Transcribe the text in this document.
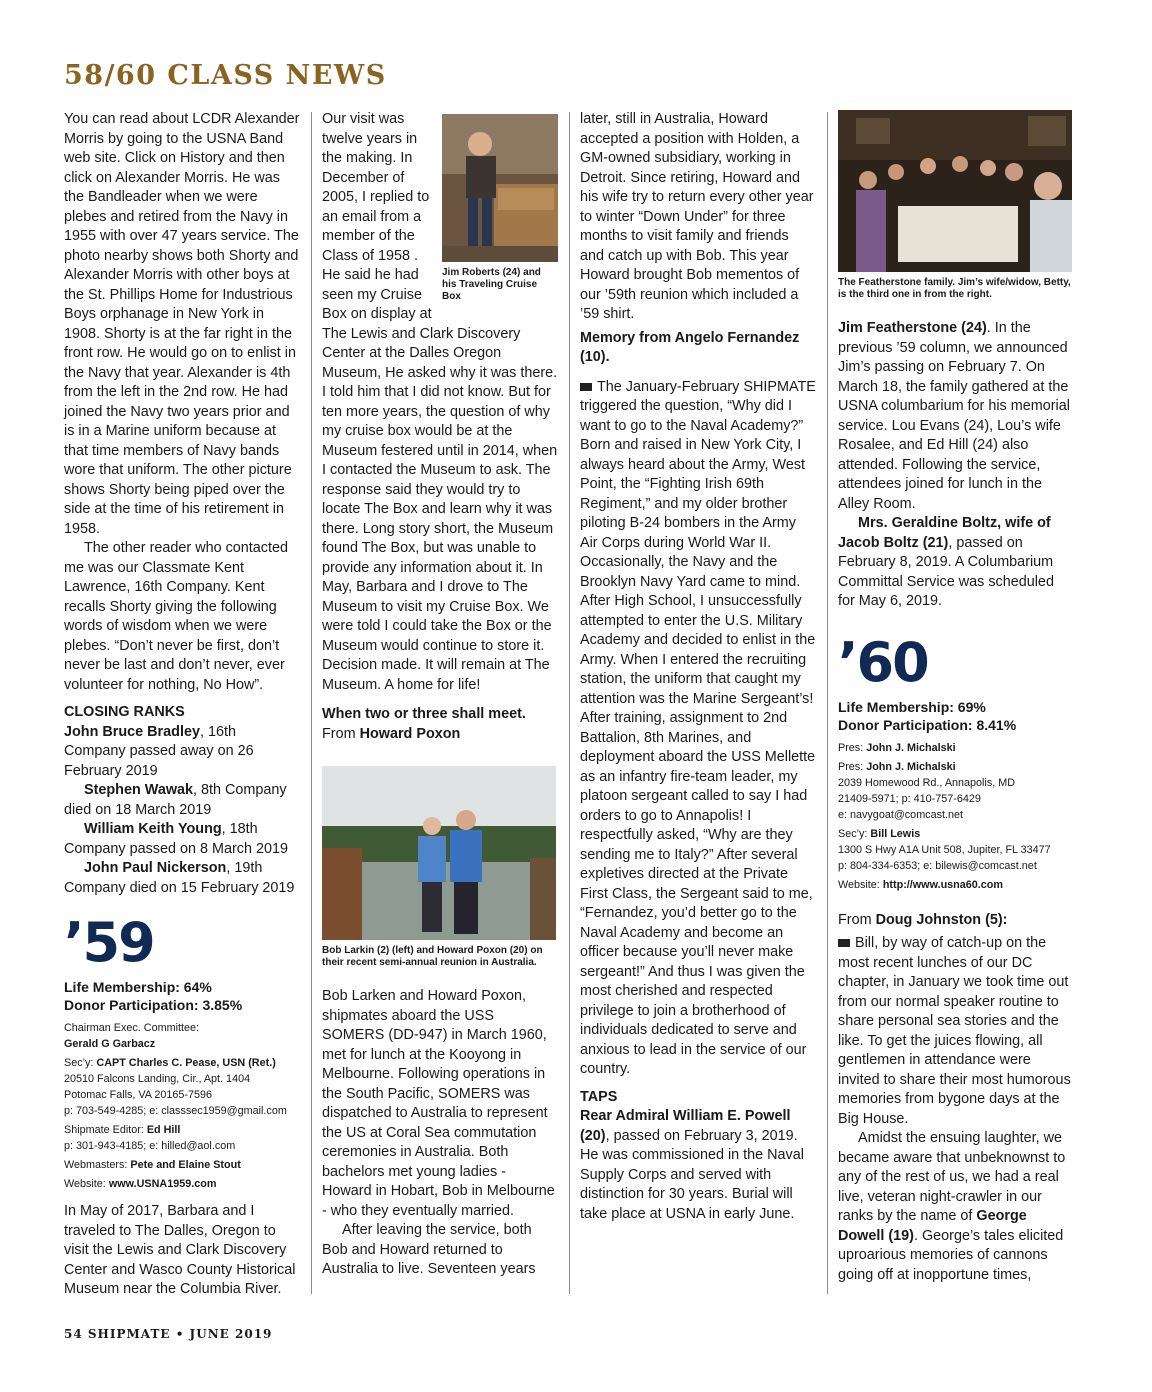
58/60 CLASS NEWS

You can read about LCDR Alexander Morris by going to the USNA Band web site. Click on History and then click on Alexander Morris. He was the Bandleader when we were plebes and retired from the Navy in 1955 with over 47 years service. The photo nearby shows both Shorty and Alexander Morris with other boys at the St. Phillips Home for Industrious Boys orphanage in New York in 1908. Shorty is at the far right in the front row. He would go on to enlist in the Navy that year. Alexander is 4th from the left in the 2nd row. He had joined the Navy two years prior and is in a Marine uniform because at that time members of Navy bands wore that uniform. The other picture shows Shorty being piped over the side at the time of his retirement in 1958.

The other reader who contacted me was our Classmate Kent Lawrence, 16th Company. Kent recalls Shorty giving the following words of wisdom when we were plebes. “Don’t never be first, don’t never be last and don’t never, ever volunteer for nothing, No How”.

CLOSING RANKS

John Bruce Bradley, 16th Company passed away on 26 February 2019

Stephen Wawak, 8th Company died on 18 March 2019

William Keith Young, 18th Company passed on 8 March 2019

John Paul Nickerson, 19th Company died on 15 February 2019

’59

Life Membership: 64%

Donor Participation: 3.85%

Chairman Exec. Committee:
Gerald G Garbacz

Sec’y: CAPT Charles C. Pease, USN (Ret.)
20510 Falcons Landing, Cir., Apt. 1404
Potomac Falls, VA 20165-7596
p: 703-549-4285; e: classsec1959@gmail.com

Shipmate Editor: Ed Hill
p: 301-943-4185; e: hilled@aol.com

Webmasters: Pete and Elaine Stout

Website: www.USNA1959.com

In May of 2017, Barbara and I traveled to The Dalles, Oregon to visit the Lewis and Clark Discovery Center and Wasco County Historical Museum near the Columbia River.

Jim Roberts (24) and his Traveling Cruise Box

Our visit was twelve years in the making. In December of 2005, I replied to an email from a member of the Class of 1958 . He said he had seen my Cruise Box on display at The Lewis and Clark Discovery Center at the Dalles Oregon Museum, He asked why it was there. I told him that I did not know. But for ten more years, the question of why my cruise box would be at the Museum festered until in 2014, when I contacted the Museum to ask. The response said they would try to locate The Box and learn why it was there. Long story short, the Museum found The Box, but was unable to provide any information about it. In May, Barbara and I drove to The Museum to visit my Cruise Box. We were told I could take the Box or the Museum would continue to store it. Decision made. It will remain at The Museum. A home for life!

When two or three shall meet.

From Howard Poxon

Bob Larkin (2) (left) and Howard Poxon (20) on their recent semi-annual reunion in Australia.

Bob Larken and Howard Poxon, shipmates aboard the USS SOMERS (DD-947) in March 1960, met for lunch at the Kooyong in Melbourne. Following operations in the South Pacific, SOMERS was dispatched to Australia to represent the US at Coral Sea commutation ceremonies in Australia. Both bachelors met young ladies - Howard in Hobart, Bob in Melbourne - who they eventually married.

After leaving the service, both Bob and Howard returned to Australia to live. Seventeen years

later, still in Australia, Howard accepted a position with Holden, a GM-owned subsidiary, working in Detroit. Since retiring, Howard and his wife try to return every other year to winter “Down Under” for three months to visit family and friends and catch up with Bob. This year Howard brought Bob mementos of our ’59th reunion which included a ’59 shirt.

Memory from Angelo Fernandez (10).

The January-February SHIPMATE triggered the question, “Why did I want to go to the Naval Academy?” Born and raised in New York City, I always heard about the Army, West Point, the “Fighting Irish 69th Regiment,” and my older brother piloting B-24 bombers in the Army Air Corps during World War II. Occasionally, the Navy and the Brooklyn Navy Yard came to mind. After High School, I unsuccessfully attempted to enter the U.S. Military Academy and decided to enlist in the Army. When I entered the recruiting station, the uniform that caught my attention was the Marine Sergeant’s! After training, assignment to 2nd Battalion, 8th Marines, and deployment aboard the USS Mellette as an infantry fire-team leader, my platoon sergeant called to say I had orders to go to Annapolis! I respectfully asked, “Why are they sending me to Italy?” After several expletives directed at the Private First Class, the Sergeant said to me, “Fernandez, you’d better go to the Naval Academy and become an officer because you’ll never make sergeant!” And thus I was given the most cherished and respected privilege to join a brotherhood of individuals dedicated to serve and anxious to lead in the service of our country.

TAPS

Rear Admiral William E. Powell (20), passed on February 3, 2019. He was commissioned in the Naval Supply Corps and served with distinction for 30 years. Burial will take place at USNA in early June.

The Featherstone family. Jim’s wife/widow, Betty, is the third one in from the right.

Jim Featherstone (24). In the previous ’59 column, we announced Jim’s passing on February 7. On March 18, the family gathered at the USNA columbarium for his memorial service. Lou Evans (24), Lou’s wife Rosalee, and Ed Hill (24) also attended. Following the service, attendees joined for lunch in the Alley Room.

Mrs. Geraldine Boltz, wife of Jacob Boltz (21), passed on February 8, 2019. A Columbarium Committal Service was scheduled for May 6, 2019.

’60

Life Membership: 69%

Donor Participation: 8.41%

Pres: John J. Michalski

Pres: John J. Michalski
2039 Homewood Rd., Annapolis, MD
21409-5971; p: 410-757-6429
e: navygoat@comcast.net

Sec’y: Bill Lewis
1300 S Hwy A1A Unit 508, Jupiter, FL 33477
p: 804-334-6353; e: bilewis@comcast.net

Website: http://www.usna60.com

From Doug Johnston (5):

Bill, by way of catch-up on the most recent lunches of our DC chapter, in January we took time out from our normal speaker routine to share personal sea stories and the like. To get the juices flowing, all gentlemen in attendance were invited to share their most humorous memories from bygone days at the Big House.

Amidst the ensuing laughter, we became aware that unbeknownst to any of the rest of us, we had a real live, veteran night-crawler in our ranks by the name of George Dowell (19). George’s tales elicited uproarious memories of cannons going off at inopportune times,

54 SHIPMATE • JUNE 2019
